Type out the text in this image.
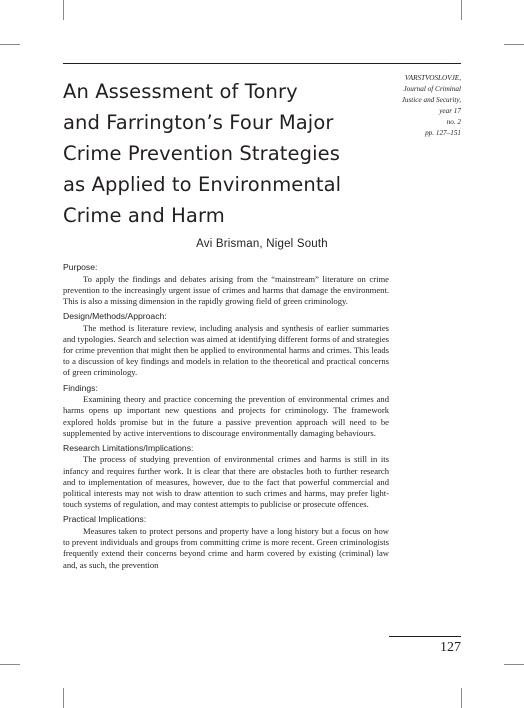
An Assessment of Tonry
and Farrington’s Four Major
Crime Prevention Strategies
as Applied to Environmental
Crime and Harm
VARSTVOSLOVJE,
Journal of Criminal
Justice and Security,
year 17
no. 2
pp. 127–151
Avi Brisman, Nigel South

Purpose:

To apply the findings and debates arising from the “mainstream” literature on crime prevention to the increasingly urgent issue of crimes and harms that damage the environment. This is also a missing dimension in the rapidly growing field of green criminology.

Design/Methods/Approach:

The method is literature review, including analysis and synthesis of earlier summaries and typologies. Search and selection was aimed at identifying different forms of and strategies for crime prevention that might then be applied to environmental harms and crimes. This leads to a discussion of key findings and models in relation to the theoretical and practical concerns of green criminology.

Findings:

Examining theory and practice concerning the prevention of environmental crimes and harms opens up important new questions and projects for criminology. The framework explored holds promise but in the future a passive prevention approach will need to be supplemented by active interventions to discourage environmentally damaging behaviours.

Research Limitations/Implications:

The process of studying prevention of environmental crimes and harms is still in its infancy and requires further work. It is clear that there are obstacles both to further research and to implementation of measures, however, due to the fact that powerful commercial and political interests may not wish to draw attention to such crimes and harms, may prefer light-touch systems of regulation, and may contest attempts to publicise or prosecute offences.

Practical Implications:

Measures taken to protect persons and property have a long history but a focus on how to prevent individuals and groups from committing crime is more recent. Green criminologists frequently extend their concerns beyond crime and harm covered by existing (criminal) law and, as such, the prevention

127
